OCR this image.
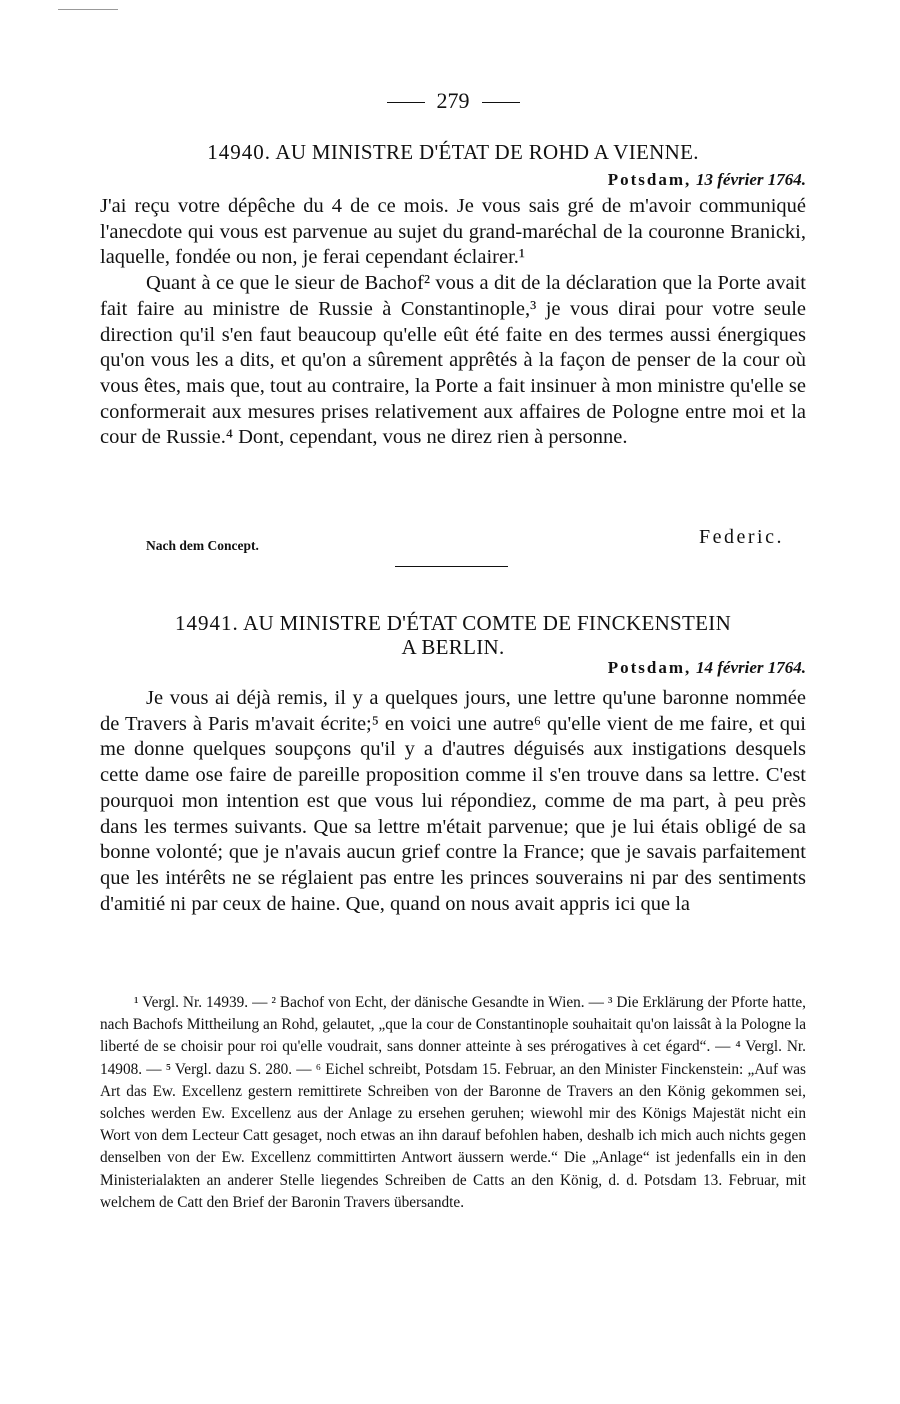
279
14940. AU MINISTRE D'ÉTAT DE ROHD A VIENNE.
Potsdam, 13 février 1764.

J'ai reçu votre dépêche du 4 de ce mois. Je vous sais gré de m'avoir communiqué l'anecdote qui vous est parvenue au sujet du grand-maréchal de la couronne Branicki, laquelle, fondée ou non, je ferai cependant éclairer.¹

Quant à ce que le sieur de Bachof² vous a dit de la déclaration que la Porte avait fait faire au ministre de Russie à Constantinople,³ je vous dirai pour votre seule direction qu'il s'en faut beaucoup qu'elle eût été faite en des termes aussi énergiques qu'on vous les a dits, et qu'on a sûrement apprêtés à la façon de penser de la cour où vous êtes, mais que, tout au contraire, la Porte a fait insinuer à mon ministre qu'elle se conformerait aux mesures prises relativement aux affaires de Pologne entre moi et la cour de Russie.⁴ Dont, cependant, vous ne direz rien à personne.

Nach dem Concept.	Federic.
14941. AU MINISTRE D'ÉTAT COMTE DE FINCKENSTEIN
A BERLIN.
Potsdam, 14 février 1764.

Je vous ai déjà remis, il y a quelques jours, une lettre qu'une baronne nommée de Travers à Paris m'avait écrite;⁵ en voici une autre⁶ qu'elle vient de me faire, et qui me donne quelques soupçons qu'il y a d'autres déguisés aux instigations desquels cette dame ose faire de pareille proposition comme il s'en trouve dans sa lettre. C'est pourquoi mon intention est que vous lui répondiez, comme de ma part, à peu près dans les termes suivants. Que sa lettre m'était parvenue; que je lui étais obligé de sa bonne volonté; que je n'avais aucun grief contre la France; que je savais parfaitement que les intérêts ne se réglaient pas entre les princes souverains ni par des sentiments d'amitié ni par ceux de haine. Que, quand on nous avait appris ici que la

¹ Vergl. Nr. 14939. — ² Bachof von Echt, der dänische Gesandte in Wien. — ³ Die Erklärung der Pforte hatte, nach Bachofs Mittheilung an Rohd, gelautet, „que la cour de Constantinople souhaitait qu'on laissât à la Pologne la liberté de se choisir pour roi qu'elle voudrait, sans donner atteinte à ses prérogatives à cet égard“. — ⁴ Vergl. Nr. 14908. — ⁵ Vergl. dazu S. 280. — ⁶ Eichel schreibt, Potsdam 15. Februar, an den Minister Finckenstein: „Auf was Art das Ew. Excellenz gestern remittirete Schreiben von der Baronne de Travers an den König gekommen sei, solches werden Ew. Excellenz aus der Anlage zu ersehen geruhen; wiewohl mir des Königs Majestät nicht ein Wort von dem Lecteur Catt gesaget, noch etwas an ihn darauf befohlen haben, deshalb ich mich auch nichts gegen denselben von der Ew. Excellenz committirten Antwort äussern werde.“ Die „Anlage“ ist jedenfalls ein in den Ministerialakten an anderer Stelle liegendes Schreiben de Catts an den König, d. d. Potsdam 13. Februar, mit welchem de Catt den Brief der Baronin Travers übersandte.
